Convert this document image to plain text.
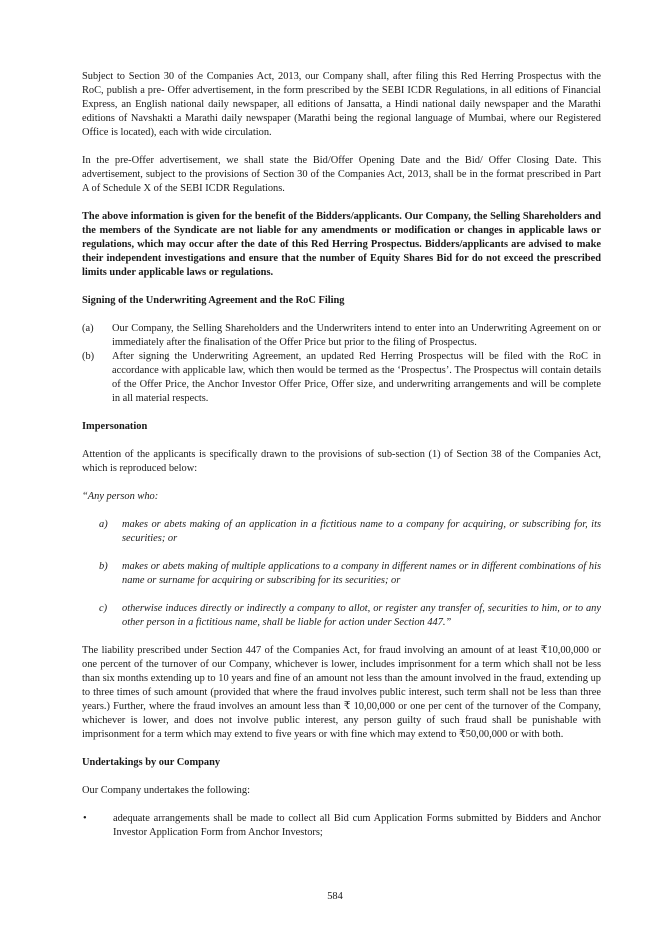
Subject to Section 30 of the Companies Act, 2013, our Company shall, after filing this Red Herring Prospectus with the RoC, publish a pre- Offer advertisement, in the form prescribed by the SEBI ICDR Regulations, in all editions of Financial Express, an English national daily newspaper, all editions of Jansatta, a Hindi national daily newspaper and the Marathi editions of Navshakti a Marathi daily newspaper (Marathi being the regional language of Mumbai, where our Registered Office is located), each with wide circulation.

In the pre-Offer advertisement, we shall state the Bid/Offer Opening Date and the Bid/ Offer Closing Date. This advertisement, subject to the provisions of Section 30 of the Companies Act, 2013, shall be in the format prescribed in Part A of Schedule X of the SEBI ICDR Regulations.

The above information is given for the benefit of the Bidders/applicants. Our Company, the Selling Shareholders and the members of the Syndicate are not liable for any amendments or modification or changes in applicable laws or regulations, which may occur after the date of this Red Herring Prospectus. Bidders/applicants are advised to make their independent investigations and ensure that the number of Equity Shares Bid for do not exceed the prescribed limits under applicable laws or regulations.

Signing of the Underwriting Agreement and the RoC Filing
(a) Our Company, the Selling Shareholders and the Underwriters intend to enter into an Underwriting Agreement on or immediately after the finalisation of the Offer Price but prior to the filing of Prospectus.
(b) After signing the Underwriting Agreement, an updated Red Herring Prospectus will be filed with the RoC in accordance with applicable law, which then would be termed as the ‘Prospectus’. The Prospectus will contain details of the Offer Price, the Anchor Investor Offer Price, Offer size, and underwriting arrangements and will be complete in all material respects.
Impersonation

Attention of the applicants is specifically drawn to the provisions of sub-section (1) of Section 38 of the Companies Act, which is reproduced below:

“Any person who:

a) makes or abets making of an application in a fictitious name to a company for acquiring, or subscribing for, its securities; or
b) makes or abets making of multiple applications to a company in different names or in different combinations of his name or surname for acquiring or subscribing for its securities; or
c) otherwise induces directly or indirectly a company to allot, or register any transfer of, securities to him, or to any other person in a fictitious name, shall be liable for action under Section 447.”

The liability prescribed under Section 447 of the Companies Act, for fraud involving an amount of at least ₹10,00,000 or one percent of the turnover of our Company, whichever is lower, includes imprisonment for a term which shall not be less than six months extending up to 10 years and fine of an amount not less than the amount involved in the fraud, extending up to three times of such amount (provided that where the fraud involves public interest, such term shall not be less than three years.) Further, where the fraud involves an amount less than ₹ 10,00,000 or one per cent of the turnover of the Company, whichever is lower, and does not involve public interest, any person guilty of such fraud shall be punishable with imprisonment for a term which may extend to five years or with fine which may extend to ₹50,00,000 or with both.

Undertakings by our Company

Our Company undertakes the following:

•	adequate arrangements shall be made to collect all Bid cum Application Forms submitted by Bidders and Anchor Investor Application Form from Anchor Investors;
584
